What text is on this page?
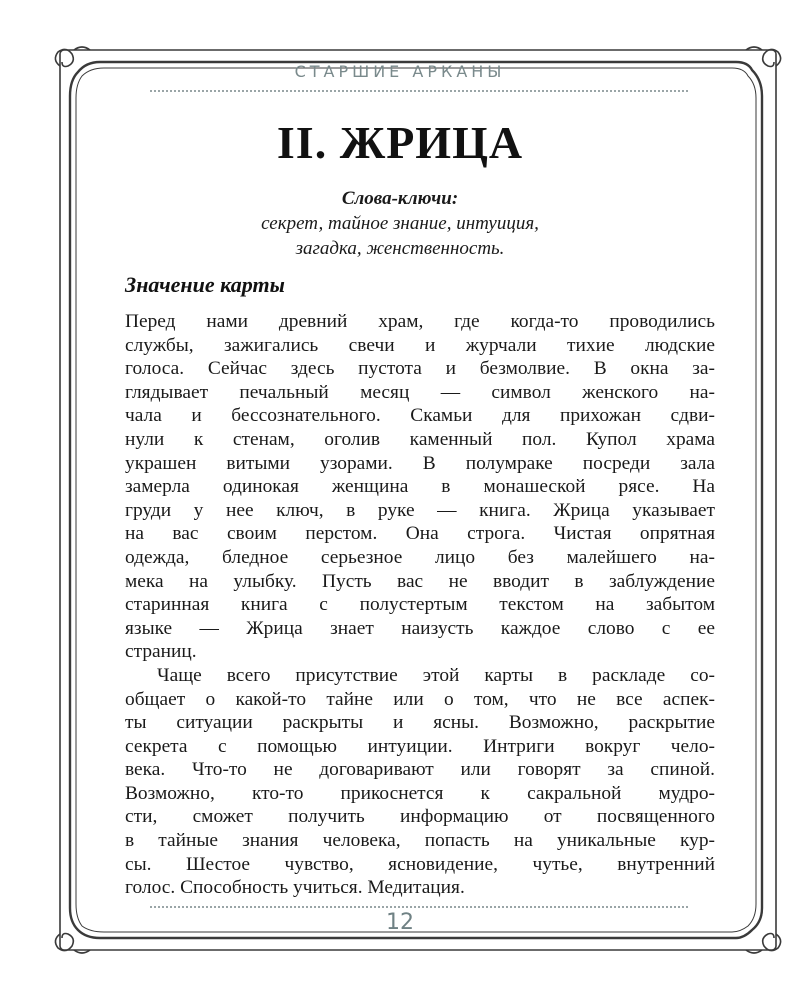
СТАРШИЕ АРКАНЫ
II. ЖРИЦА
Слова-ключи:
секрет, тайное знание, интуиция,
загадка, женственность.
Значение карты

Перед нами древний храм, где когда-то проводились
службы, зажигались свечи и журчали тихие людские
голоса. Сейчас здесь пустота и безмолвие. В окна за-
глядывает печальный месяц — символ женского на-
чала и бессознательного. Скамьи для прихожан сдви-
нули к стенам, оголив каменный пол. Купол храма
украшен витыми узорами. В полумраке посреди зала
замерла одинокая женщина в монашеской рясе. На
груди у нее ключ, в руке — книга. Жрица указывает
на вас своим перстом. Она строга. Чистая опрятная
одежда, бледное серьезное лицо без малейшего на-
мека на улыбку. Пусть вас не вводит в заблуждение
старинная книга с полустертым текстом на забытом
языке — Жрица знает наизусть каждое слово с ее
страниц.

Чаще всего присутствие этой карты в раскладе со-
общает о какой-то тайне или о том, что не все аспек-
ты ситуации раскрыты и ясны. Возможно, раскрытие
секрета с помощью интуиции. Интриги вокруг чело-
века. Что-то не договаривают или говорят за спиной.
Возможно, кто-то прикоснется к сакральной мудро-
сти, сможет получить информацию от посвященного
в тайные знания человека, попасть на уникальные кур-
сы. Шестое чувство, ясновидение, чутье, внутренний
голос. Способность учиться. Медитация.

12
